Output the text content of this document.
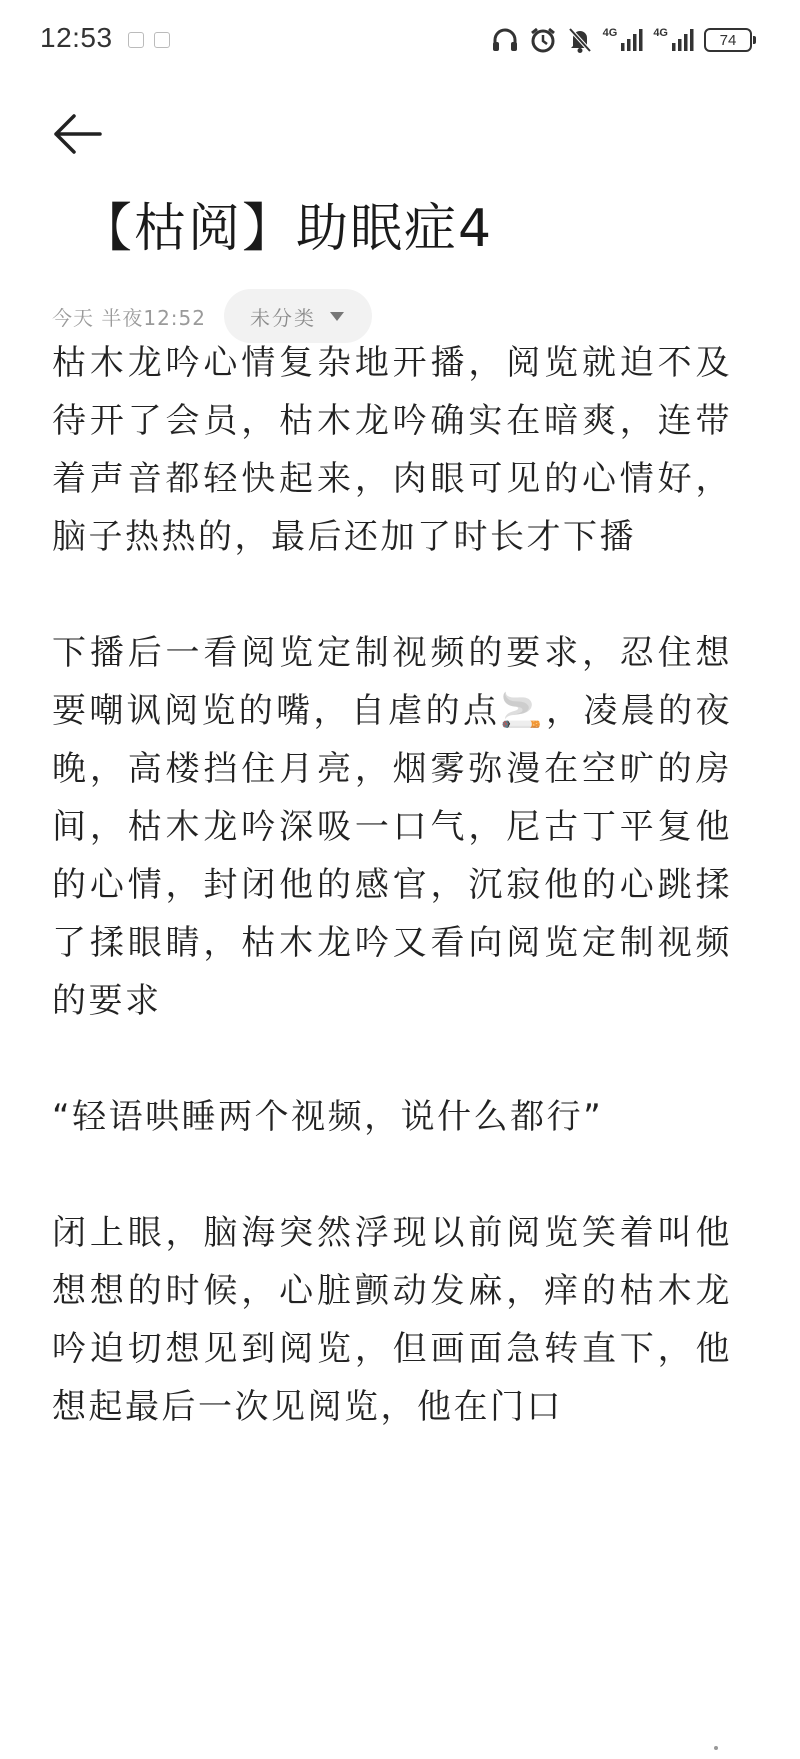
12:53	4G	4G	74
【枯阅】助眠症4
今天 半夜12:52 未分类

枯木龙吟心情复杂地开播，阅览就迫不及待开了会员，枯木龙吟确实在暗爽，连带着声音都轻快起来，肉眼可见的心情好，脑子热热的，最后还加了时长才下播

下播后一看阅览定制视频的要求，忍住想要嘲讽阅览的嘴，自虐的点🚬，凌晨的夜晚，高楼挡住月亮，烟雾弥漫在空旷的房间，枯木龙吟深吸一口气，尼古丁平复他的心情，封闭他的感官，沉寂他的心跳揉了揉眼睛，枯木龙吟又看向阅览定制视频的要求

“轻语哄睡两个视频，说什么都行”

闭上眼，脑海突然浮现以前阅览笑着叫他想想的时候，心脏颤动发麻，痒的枯木龙吟迫切想见到阅览，但画面急转直下，他想起最后一次见阅览，他在门口
